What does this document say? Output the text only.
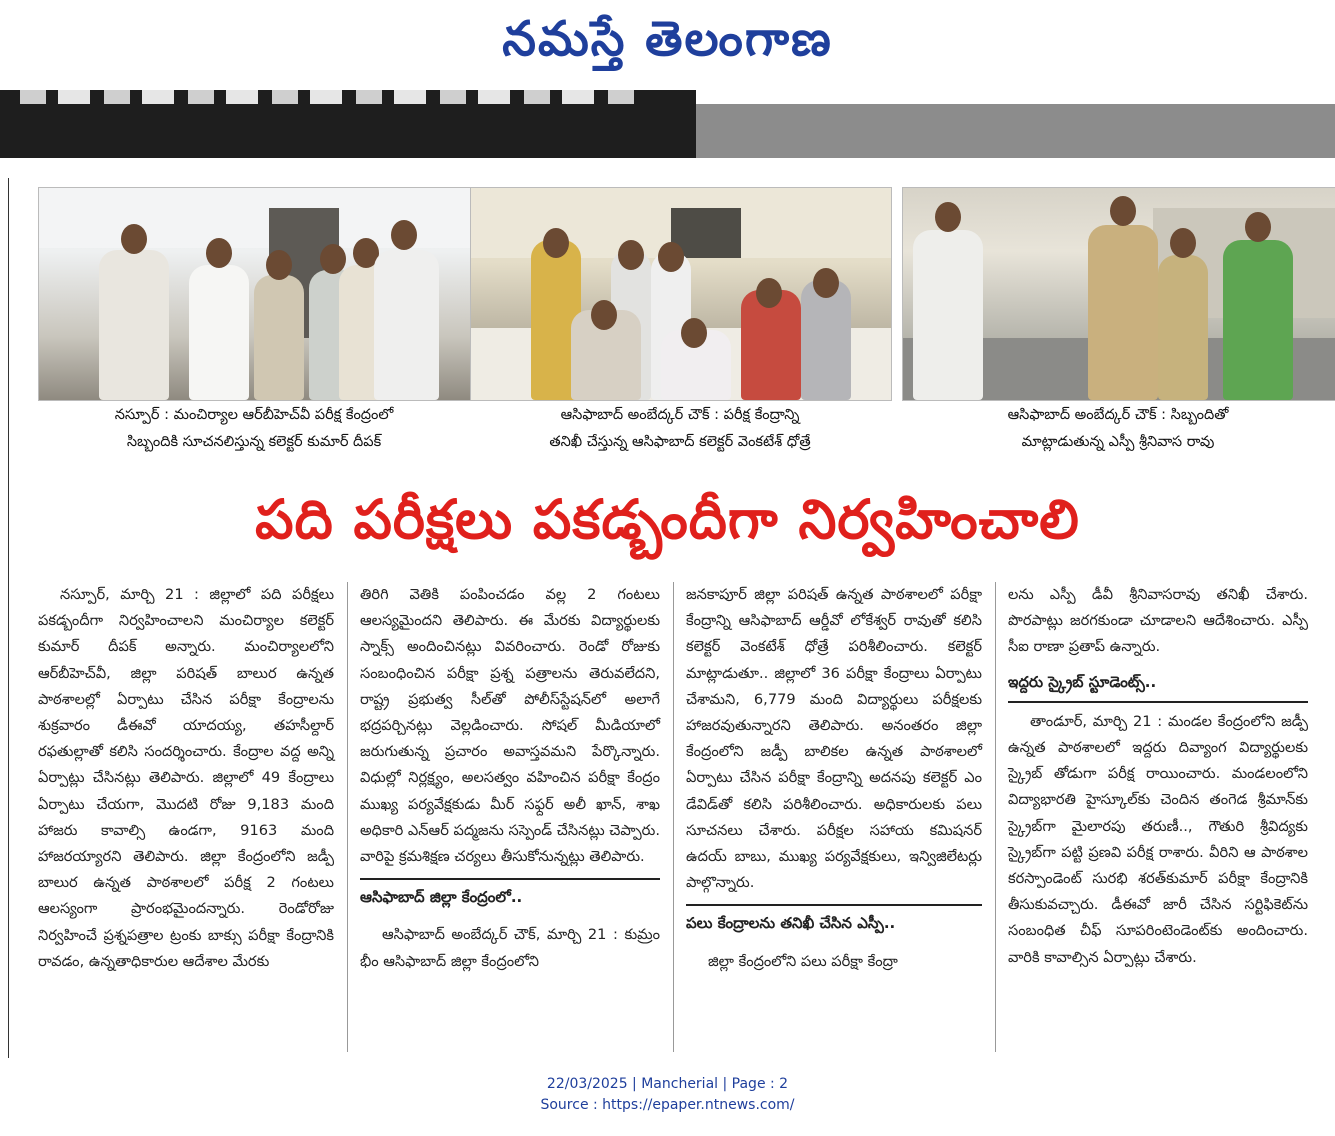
నమస్తే తెలంగాణ
నస్పూర్ : మంచిర్యాల ఆర్‌బీహెచ్‌వీ పరీక్ష కేంద్రంలో
సిబ్బందికి సూచనలిస్తున్న కలెక్టర్ కుమార్ దీపక్
ఆసిఫాబాద్ అంబేద్కర్ చౌక్ : పరీక్ష కేంద్రాన్ని
తనిఖీ చేస్తున్న ఆసిఫాబాద్ కలెక్టర్ వెంకటేశ్ ధోత్రే
ఆసిఫాబాద్ అంబేద్కర్ చౌక్ : సిబ్బందితో
మాట్లాడుతున్న ఎస్పీ శ్రీనివాస రావు
పది పరీక్షలు పకడ్బందీగా నిర్వహించాలి

నస్పూర్, మార్చి 21 : జిల్లాలో పది పరీక్షలు పకడ్బందీగా నిర్వహించాలని మంచిర్యాల కలెక్టర్ కుమార్ దీపక్ అన్నారు. మంచిర్యాలలోని ఆర్‌బీహెచ్‌వీ, జిల్లా పరిషత్ బాలుర ఉన్నత పాఠశాలల్లో ఏర్పాటు చేసిన పరీక్షా కేంద్రాలను శుక్రవారం డీఈవో యాదయ్య, తహసీల్దార్ రఫతుల్లాతో కలిసి సందర్శించారు. కేంద్రాల వద్ద అన్ని ఏర్పాట్లు చేసినట్లు తెలిపారు. జిల్లాలో 49 కేంద్రాలు ఏర్పాటు చేయగా, మొదటి రోజు 9,183 మంది హాజరు కావాల్సి ఉండగా, 9163 మంది హాజరయ్యారని తెలిపారు. జిల్లా కేంద్రంలోని జడ్పీ బాలుర ఉన్నత పాఠశాలలో పరీక్ష 2 గంటలు ఆలస్యంగా ప్రారంభమైందన్నారు. రెండోరోజు నిర్వహించే ప్రశ్నపత్రాల ట్రంకు బాక్సు పరీక్షా కేంద్రానికి రావడం, ఉన్నతాధికారుల ఆదేశాల మేరకు

తిరిగి వెతికి పంపించడం వల్ల 2 గంటలు ఆలస్యమైందని తెలిపారు. ఈ మేరకు విద్యార్థులకు స్నాక్స్ అందించినట్లు వివరించారు. రెండో రోజుకు సంబంధించిన పరీక్షా ప్రశ్న పత్రాలను తెరువలేదని, రాష్ట్ర ప్రభుత్వ సీల్‌తో పోలీస్‌స్టేషన్‌లో అలాగే భద్రపర్చినట్లు వెల్లడించారు. సోషల్ మీడియాలో జరుగుతున్న ప్రచారం అవాస్తవమని పేర్కొన్నారు. విధుల్లో నిర్లక్ష్యం, అలసత్వం వహించిన పరీక్షా కేంద్రం ముఖ్య పర్యవేక్షకుడు మీర్ సఫ్దర్ అలీ ఖాన్, శాఖ అధికారి ఎన్ఆర్ పద్మజను సస్పెండ్ చేసినట్లు చెప్పారు. వారిపై క్రమశిక్షణ చర్యలు తీసుకోనున్నట్లు తెలిపారు.

ఆసిఫాబాద్ జిల్లా కేంద్రంలో..

ఆసిఫాబాద్ అంబేద్కర్ చౌక్, మార్చి 21 : కుమ్రం భీం ఆసిఫాబాద్ జిల్లా కేంద్రంలోని

జనకాపూర్ జిల్లా పరిషత్ ఉన్నత పాఠశాలలో పరీక్షా కేంద్రాన్ని ఆసిఫాబాద్ ఆర్డీవో లోకేశ్వర్ రావుతో కలిసి కలెక్టర్ వెంకటేశ్ ధోత్రే పరిశీలించారు. కలెక్టర్ మాట్లాడుతూ.. జిల్లాలో 36 పరీక్షా కేంద్రాలు ఏర్పాటు చేశామని, 6,779 మంది విద్యార్థులు పరీక్షలకు హాజరవుతున్నారని తెలిపారు. అనంతరం జిల్లా కేంద్రంలోని జడ్పీ బాలికల ఉన్నత పాఠశాలలో ఏర్పాటు చేసిన పరీక్షా కేంద్రాన్ని అదనపు కలెక్టర్ ఎం డేవిడ్‌తో కలిసి పరిశీలించారు. అధికారులకు పలు సూచనలు చేశారు. పరీక్షల సహాయ కమిషనర్ ఉదయ్ బాబు, ముఖ్య పర్యవేక్షకులు, ఇన్విజిలేటర్లు పాల్గొన్నారు.

పలు కేంద్రాలను తనిఖీ చేసిన ఎస్పీ..

జిల్లా కేంద్రంలోని పలు పరీక్షా కేంద్రా

లను ఎస్పీ డీవీ శ్రీనివాసరావు తనిఖీ చేశారు. పొరపాట్లు జరగకుండా చూడాలని ఆదేశించారు. ఎస్పీ సీఐ రాణా ప్రతాప్ ఉన్నారు.

ఇద్దరు స్క్రైబ్ స్టూడెంట్స్..

తాండూర్, మార్చి 21 : మండల కేంద్రంలోని జడ్పీ ఉన్నత పాఠశాలలో ఇద్దరు దివ్యాంగ విద్యార్థులకు స్క్రైబ్ తోడుగా పరీక్ష రాయించారు. మండలంలోని విద్యాభారతి హైస్కూల్‌కు చెందిన తంగెడ శ్రీమాన్‌కు స్క్రైబ్‌గా మైలారపు తరుణీ.., గౌతురి శ్రీవిద్యకు స్క్రైబ్‌గా పట్టి ప్రణవి పరీక్ష రాశారు. వీరిని ఆ పాఠశాల కరస్పాండెంట్ సురభి శరత్‌కుమార్ పరీక్షా కేంద్రానికి తీసుకువచ్చారు. డీఈవో జారీ చేసిన సర్టిఫికెట్‌ను సంబంధిత చీఫ్ సూపరింటెండెంట్‌కు అందించారు. వారికి కావాల్సిన ఏర్పాట్లు చేశారు.

22/03/2025 | Mancherial | Page : 2
Source : https://epaper.ntnews.com/
